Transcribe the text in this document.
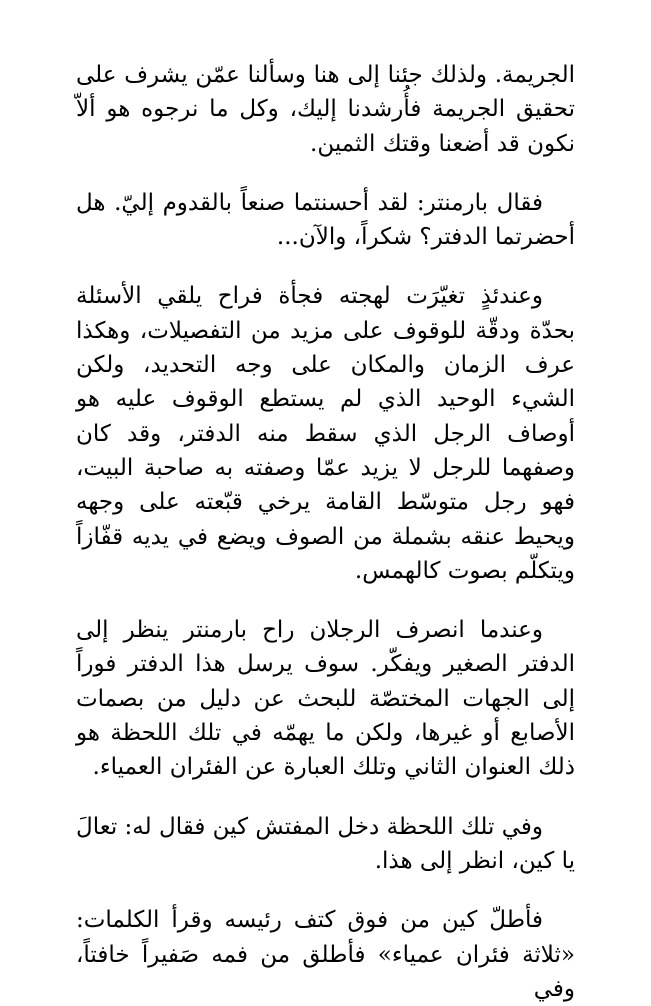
الجريمة. ولذلك جئنا إلى هنا وسألنا عمّن يشرف على تحقيق الجريمة فأُرشدنا إليك، وكل ما نرجوه هو ألاّ نكون قد أضعنا وقتك الثمين.

فقال بارمنتر: لقد أحسنتما صنعاً بالقدوم إليّ. هل أحضرتما الدفتر؟ شكراً، والآن...

وعندئذٍ تغيّرَت لهجته فجأة فراح يلقي الأسئلة بحدّة ودقّة للوقوف على مزيد من التفصيلات، وهكذا عرف الزمان والمكان على وجه التحديد، ولكن الشيء الوحيد الذي لم يستطع الوقوف عليه هو أوصاف الرجل الذي سقط منه الدفتر، وقد كان وصفهما للرجل لا يزيد عمّا وصفته به صاحبة البيت، فهو رجل متوسّط القامة يرخي قبّعته على وجهه ويحيط عنقه بشملة من الصوف ويضع في يديه قفّازاً ويتكلّم بصوت كالهمس.

وعندما انصرف الرجلان راح بارمنتر ينظر إلى الدفتر الصغير ويفكّر. سوف يرسل هذا الدفتر فوراً إلى الجهات المختصّة للبحث عن دليل من بصمات الأصابع أو غيرها، ولكن ما يهمّه في تلك اللحظة هو ذلك العنوان الثاني وتلك العبارة عن الفئران العمياء.

وفي تلك اللحظة دخل المفتش كين فقال له: تعالَ يا كين، انظر إلى هذا.

فأطلّ كين من فوق كتف رئيسه وقرأ الكلمات: «ثلاثة فئران عمياء» فأطلق من فمه صَفيراً خافتاً، وفي
